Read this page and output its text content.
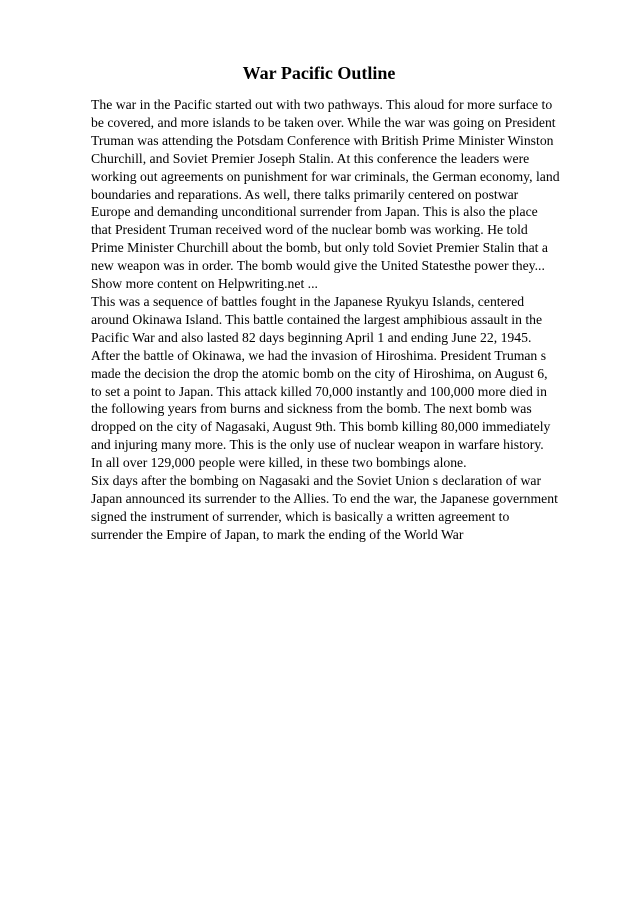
War Pacific Outline
The war in the Pacific started out with two pathways. This aloud for more surface to
be covered, and more islands to be taken over. While the war was going on President
Truman was attending the Potsdam Conference with British Prime Minister Winston
Churchill, and Soviet Premier Joseph Stalin. At this conference the leaders were
working out agreements on punishment for war criminals, the German economy, land
boundaries and reparations. As well, there talks primarily centered on postwar
Europe and demanding unconditional surrender from Japan. This is also the place
that President Truman received word of the nuclear bomb was working. He told
Prime Minister Churchill about the bomb, but only told Soviet Premier Stalin that a
new weapon was in order. The bomb would give the United Statesthe power they...
Show more content on Helpwriting.net ...
This was a sequence of battles fought in the Japanese Ryukyu Islands, centered
around Okinawa Island. This battle contained the largest amphibious assault in the
Pacific War and also lasted 82 days beginning April 1 and ending June 22, 1945.
After the battle of Okinawa, we had the invasion of Hiroshima. President Truman s
made the decision the drop the atomic bomb on the city of Hiroshima, on August 6,
to set a point to Japan. This attack killed 70,000 instantly and 100,000 more died in
the following years from burns and sickness from the bomb. The next bomb was
dropped on the city of Nagasaki, August 9th. This bomb killing 80,000 immediately
and injuring many more. This is the only use of nuclear weapon in warfare history.
In all over 129,000 people were killed, in these two bombings alone.
Six days after the bombing on Nagasaki and the Soviet Union s declaration of war
Japan announced its surrender to the Allies. To end the war, the Japanese government
signed the instrument of surrender, which is basically a written agreement to
surrender the Empire of Japan, to mark the ending of the World War
